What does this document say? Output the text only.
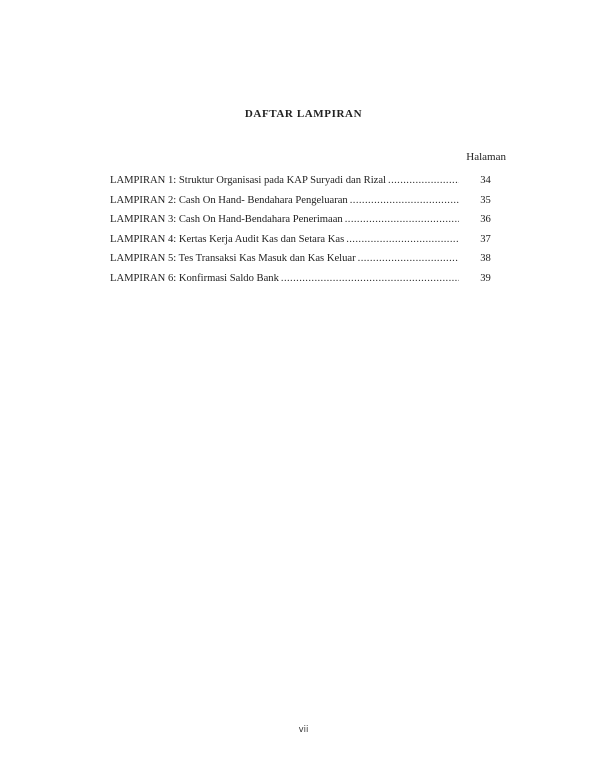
DAFTAR LAMPIRAN
Halaman
LAMPIRAN 1: Struktur Organisasi pada KAP Suryadi dan Rizal .....	34
LAMPIRAN 2: Cash On Hand- Bendahara Pengeluaran .....	35
LAMPIRAN 3: Cash On Hand-Bendahara Penerimaan .....	36
LAMPIRAN 4: Kertas Kerja Audit Kas dan Setara Kas .....	37
LAMPIRAN 5: Tes Transaksi Kas Masuk dan Kas Keluar .....	38
LAMPIRAN 6: Konfirmasi Saldo Bank .....	39
vii
